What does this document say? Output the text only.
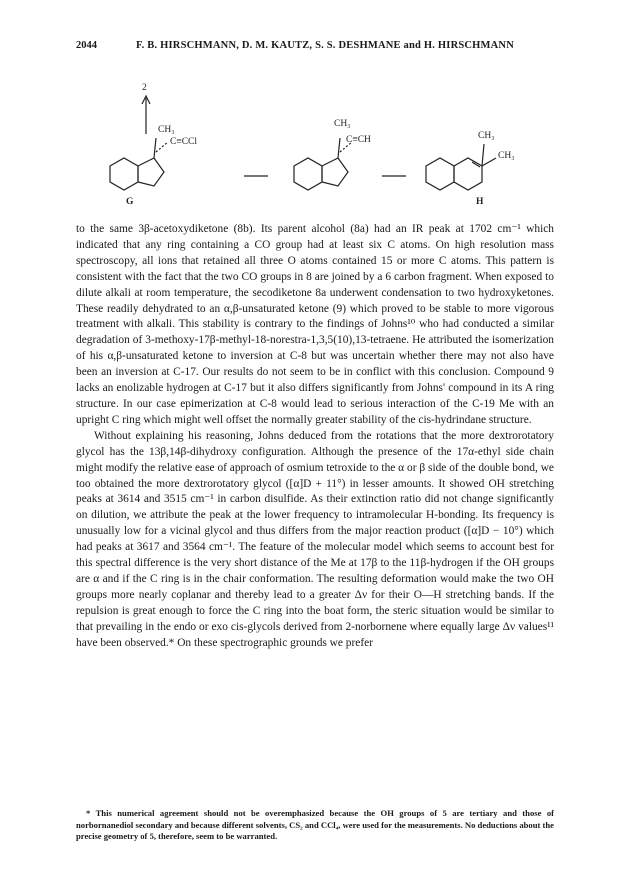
2044	F. B. HIRSCHMANN, D. M. KAUTZ, S. S. DESHMANE and H. HIRSCHMANN
2
CH₃
C≡CCl
G
CH₃
C≡CH	CH₃
CH₃
H

to the same 3β-acetoxydiketone (8b). Its parent alcohol (8a) had an IR peak at 1702 cm⁻¹ which indicated that any ring containing a CO group had at least six C atoms. On high resolution mass spectroscopy, all ions that retained all three O atoms contained 15 or more C atoms. This pattern is consistent with the fact that the two CO groups in 8 are joined by a 6 carbon fragment. When exposed to dilute alkali at room temperature, the secodiketone 8a underwent condensation to two hydroxyketones. These readily dehydrated to an α,β-unsaturated ketone (9) which proved to be stable to more vigorous treatment with alkali. This stability is contrary to the findings of Johns¹⁰ who had conducted a similar degradation of 3-methoxy-17β-methyl-18-norestra-1,3,5(10),13-tetraene. He attributed the isomerization of his α,β-unsaturated ketone to inversion at C-8 but was uncertain whether there may not also have been an inversion at C-17. Our results do not seem to be in conflict with this conclusion. Compound 9 lacks an enolizable hydrogen at C-17 but it also differs significantly from Johns' compound in its A ring structure. In our case epimerization at C-8 would lead to serious interaction of the C-19 Me with an upright C ring which might well offset the normally greater stability of the cis-hydrindane structure.

Without explaining his reasoning, Johns deduced from the rotations that the more dextrorotatory glycol has the 13β,14β-dihydroxy configuration. Although the presence of the 17α-ethyl side chain might modify the relative ease of approach of osmium tetroxide to the α or β side of the double bond, we too obtained the more dextrorotatory glycol ([α]D + 11°) in lesser amounts. It showed OH stretching peaks at 3614 and 3515 cm⁻¹ in carbon disulfide. As their extinction ratio did not change significantly on dilution, we attribute the peak at the lower frequency to intramolecular H-bonding. Its frequency is unusually low for a vicinal glycol and thus differs from the major reaction product ([α]D − 10°) which had peaks at 3617 and 3564 cm⁻¹. The feature of the molecular model which seems to account best for this spectral difference is the very short distance of the Me at 17β to the 11β-hydrogen if the OH groups are α and if the C ring is in the chair conformation. The resulting deformation would make the two OH groups more nearly coplanar and thereby lead to a greater Δν for their O—H stretching bands. If the repulsion is great enough to force the C ring into the boat form, the steric situation would be similar to that prevailing in the endo or exo cis-glycols derived from 2-norbornene where equally large Δν values¹¹ have been observed.* On these spectrographic grounds we prefer

* This numerical agreement should not be overemphasized because the OH groups of 5 are tertiary and those of norbornanediol secondary and because different solvents, CS₂ and CCl₄, were used for the measurements. No deductions about the precise geometry of 5, therefore, seem to be warranted.
